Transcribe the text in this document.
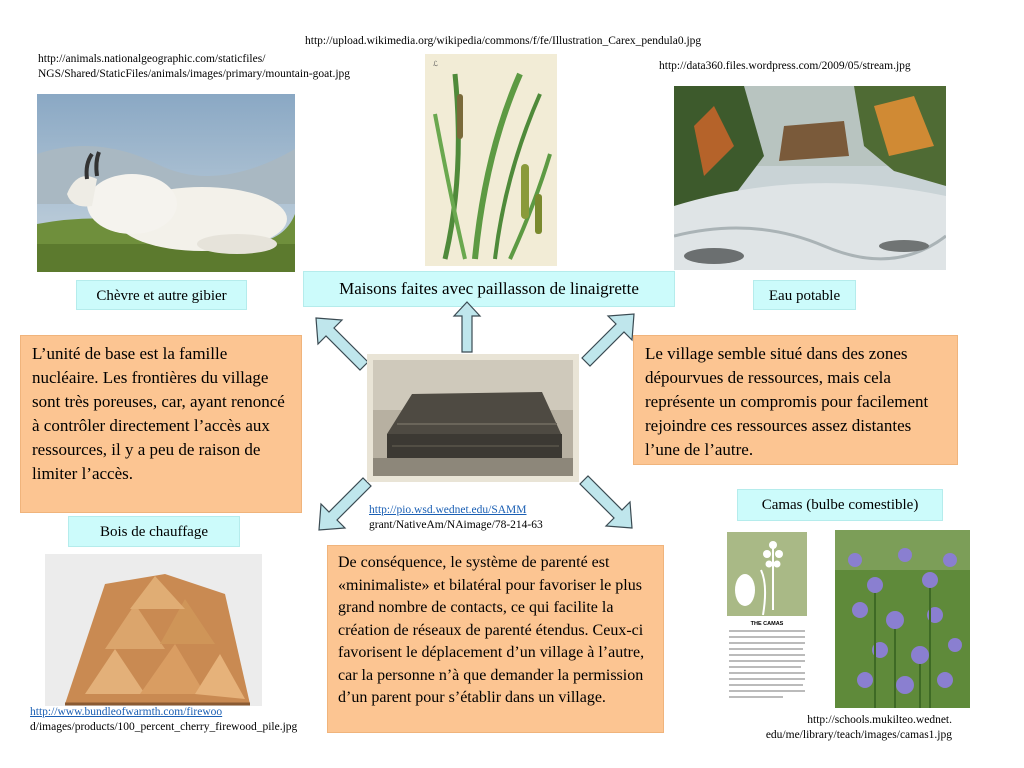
http://upload.wikimedia.org/wikipedia/commons/f/fe/Illustration_Carex_pendula0.jpg
http://animals.nationalgeographic.com/staticfiles/
NGS/Shared/StaticFiles/animals/images/primary/mountain-goat.jpg
http://data360.files.wordpress.com/2009/05/stream.jpg
ℒ
Chèvre et autre gibier	Maisons faites avec paillasson de linaigrette	Eau potable
Bois de chauffage
Camas (bulbe comestible)
L’unité de base est la famille nucléaire. Les frontières du village sont très poreuses, car, ayant renoncé à contrôler directement l’accès aux ressources, il y a peu de raison de limiter l’accès.
Le village semble situé dans des zones dépourvues de ressources, mais cela représente un compromis pour facilement rejoindre ces ressources assez distantes l’une de l’autre.
De conséquence, le système de parenté est «minimaliste» et bilatéral pour favoriser le plus grand nombre de contacts, ce qui facilite la création de réseaux de parenté étendus. Ceux-ci favorisent le déplacement d’un village à l’autre, car la personne n’à que demander la permission d’un parent pour s’établir dans un village.
http://pio.wsd.wednet.edu/SAMM
grant/NativeAm/NAimage/78-214-63
http://www.bundleofwarmth.com/firewoo
d/images/products/100_percent_cherry_firewood_pile.jpg
THE CAMAS
http://schools.mukilteo.wednet.
edu/me/library/teach/images/camas1.jpg
